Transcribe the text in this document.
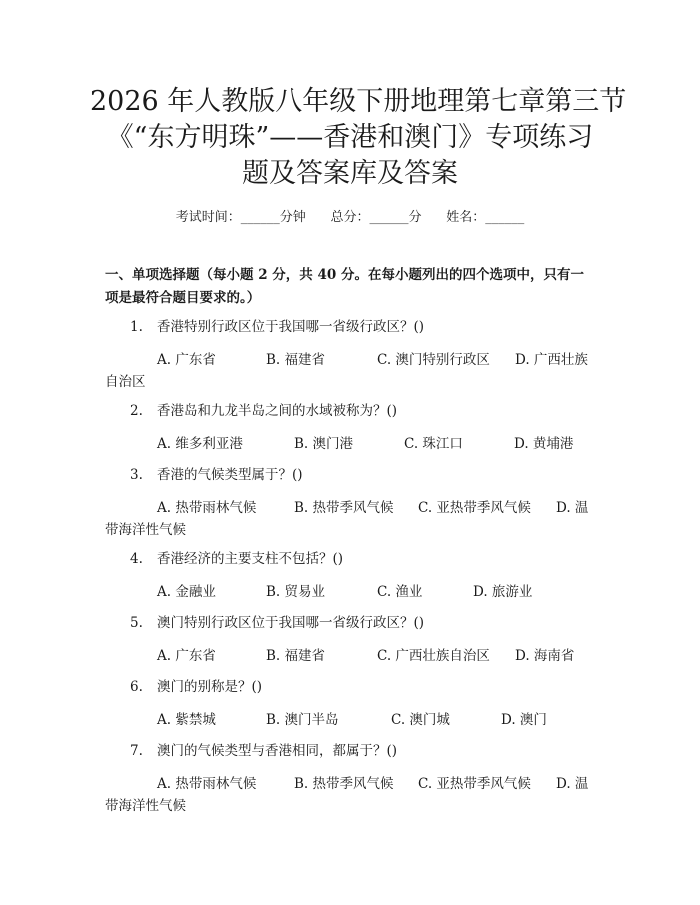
2026 年人教版八年级下册地理第七章第三节
《“东方明珠”——香港和澳门》专项练习
题及答案库及答案
考试时间：______分钟      总分：______分      姓名：______

一、单项选择题（每小题 2 分，共 40 分。在每小题列出的四个选项中，只有一项是最符合题目要求的。）

1. 香港特别行政区位于我国哪一省级行政区？()
A. 广东省	B. 福建省	C. 澳门特别行政区 D. 广西壮族
自治区
2. 香港岛和九龙半岛之间的水域被称为？()
A. 维多利亚港	B. 澳门港	C. 珠江口	D. 黄埔港
3. 香港的气候类型属于？()
A. 热带雨林气候	B. 热带季风气候 C. 亚热带季风气候 D. 温
带海洋性气候
4. 香港经济的主要支柱不包括？()
A. 金融业	B. 贸易业	C. 渔业	D. 旅游业
5. 澳门特别行政区位于我国哪一省级行政区？()
A. 广东省	B. 福建省	C. 广西壮族自治区 D. 海南省
6. 澳门的别称是？()
A. 紫禁城	B. 澳门半岛	C. 澳门城	D. 澳门
7. 澳门的气候类型与香港相同，都属于？()
A. 热带雨林气候	B. 热带季风气候 C. 亚热带季风气候 D. 温
带海洋性气候
